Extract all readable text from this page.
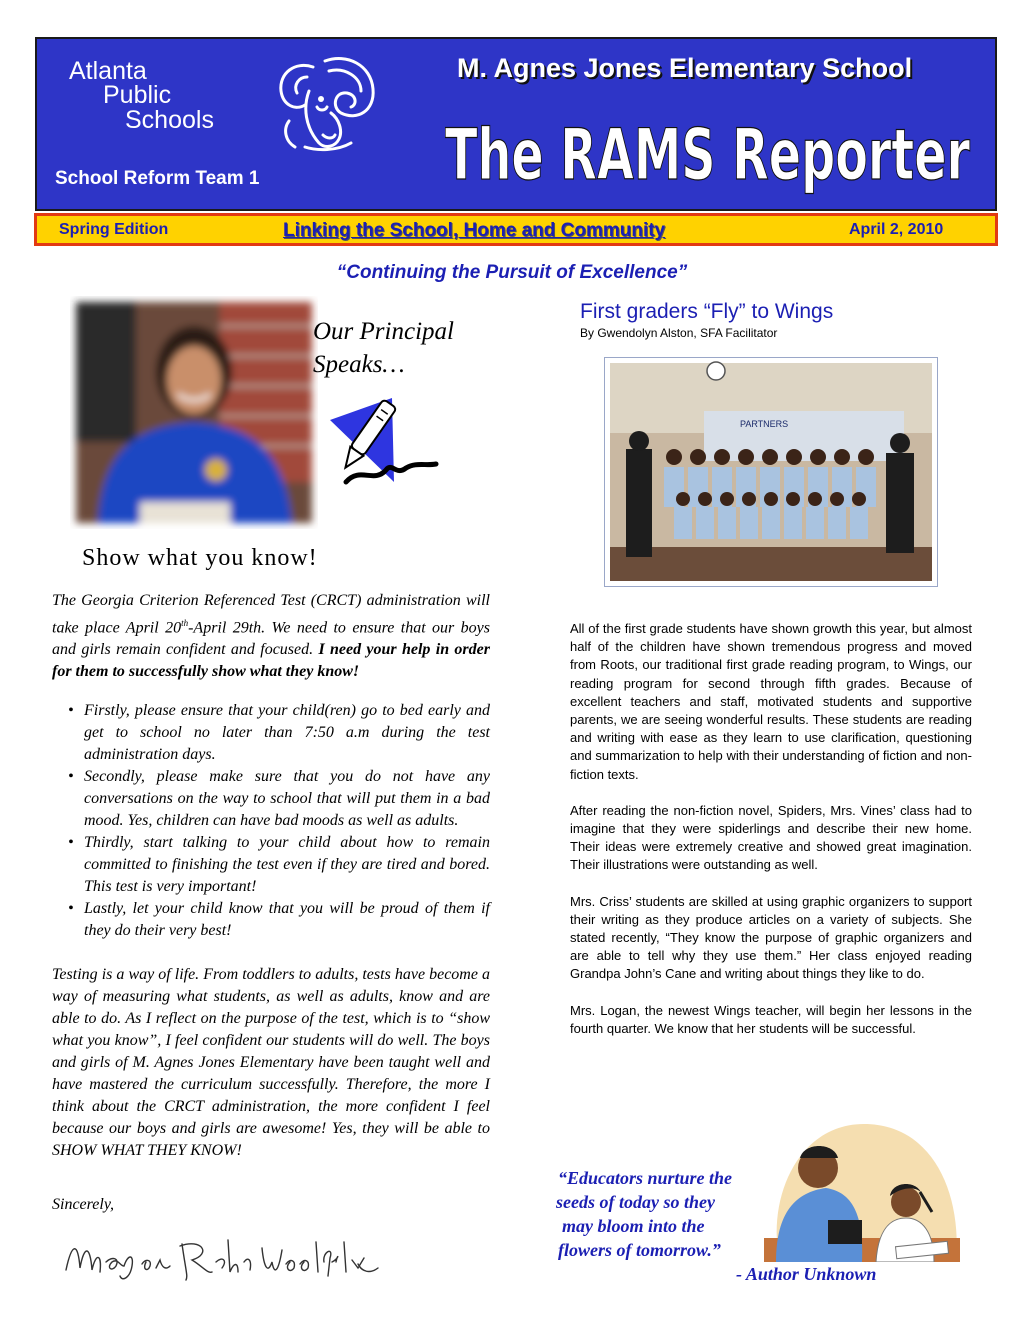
Atlanta
Public
Schools
School Reform Team 1
M. Agnes Jones Elementary School
The RAMS Reporter
Spring Edition	Linking the School, Home and Community	April 2, 2010
“Continuing the Pursuit of Excellence”
Our Principal
Speaks…
Show what you know!
The Georgia Criterion Referenced Test (CRCT) administration will take place April 20th-April 29th. We need to ensure that our boys and girls remain confident and focused. I need your help in order for them to successfully show what they know!
• Firstly, please ensure that your child(ren) go to bed early and get to school no later than 7:50 a.m during the test administration days.
• Secondly, please make sure that you do not have any conversations on the way to school that will put them in a bad mood. Yes, children can have bad moods as well as adults.
• Thirdly, start talking to your child about how to remain committed to finishing the test even if they are tired and bored. This test is very important!
• Lastly, let your child know that you will be proud of them if they do their very best!
Testing is a way of life. From toddlers to adults, tests have become a way of measuring what students, as well as adults, know and are able to do. As I reflect on the purpose of the test, which is to “show what you know”, I feel confident our students will do well. The boys and girls of M. Agnes Jones Elementary have been taught well and have mastered the curriculum successfully. Therefore, the more I think about the CRCT administration, the more confident I feel because our boys and girls are awesome! Yes, they will be able to SHOW WHAT THEY KNOW!
Sincerely,
First graders “Fly” to Wings
By Gwendolyn Alston, SFA Facilitator
PARTNERS

All of the first grade students have shown growth this year, but almost half of the children have shown tremendous progress and moved from Roots, our traditional first grade reading program, to Wings, our reading program for second through fifth grades. Because of excellent teachers and staff, motivated students and supportive parents, we are seeing wonderful results. These students are reading and writing with ease as they learn to use clarification, questioning and summarization to help with their understanding of fiction and non-fiction texts.

After reading the non-fiction novel, Spiders, Mrs. Vines’ class had to imagine that they were spiderlings and describe their new home. Their ideas were extremely creative and showed great imagination. Their illustrations were outstanding as well.

Mrs. Criss’ students are skilled at using graphic organizers to support their writing as they produce articles on a variety of subjects. She stated recently, “They know the purpose of graphic organizers and are able to tell why they use them.” Her class enjoyed reading Grandpa John’s Cane and writing about things they like to do.

Mrs. Logan, the newest Wings teacher, will begin her lessons in the fourth quarter. We know that her students will be successful.

“Educators nurture the
seeds of today so they
may bloom into the
flowers of tomorrow.”
- Author Unknown
